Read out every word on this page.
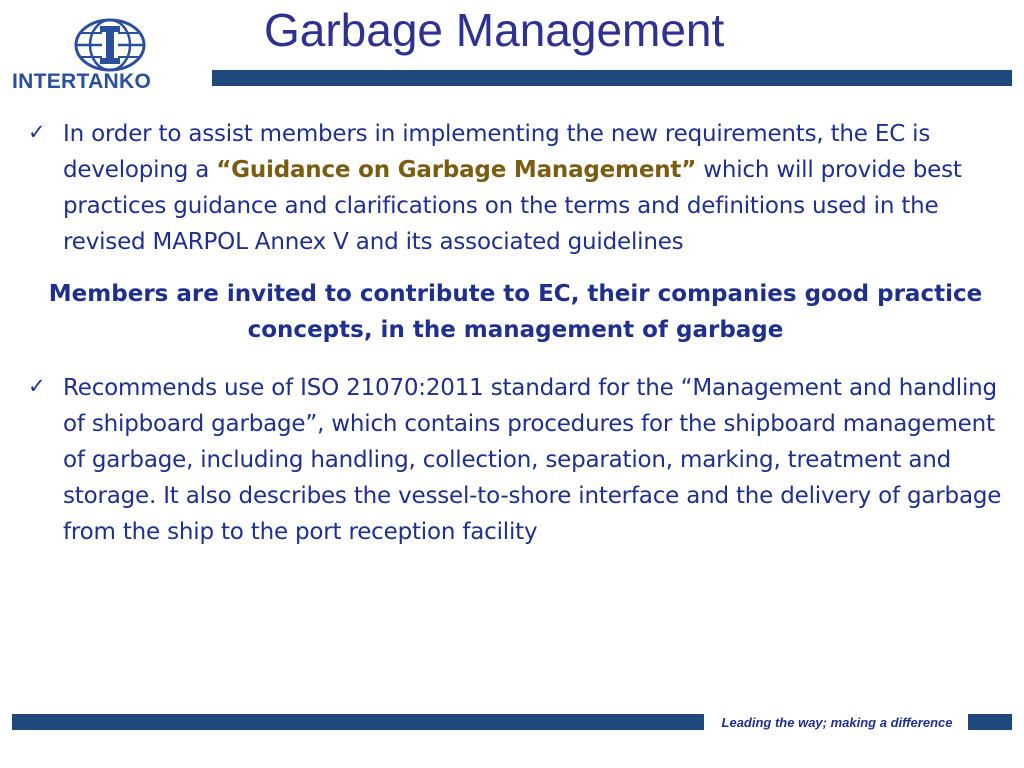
INTERTANKO
Garbage Management
✓ In order to assist members in implementing the new requirements, the EC is developing a “Guidance on Garbage Management” which will provide best practices guidance and clarifications on the terms and definitions used in the revised MARPOL Annex V and its associated guidelines

Members are invited to contribute to EC, their companies good practice concepts, in the management of garbage
✓ Recommends use of ISO 21070:2011 standard for the “Management and handling of shipboard garbage”, which contains procedures for the shipboard management of garbage, including handling, collection, separation, marking, treatment and storage. It also describes the vessel-to-shore interface and the delivery of garbage from the ship to the port reception facility

Leading the way; making a difference
